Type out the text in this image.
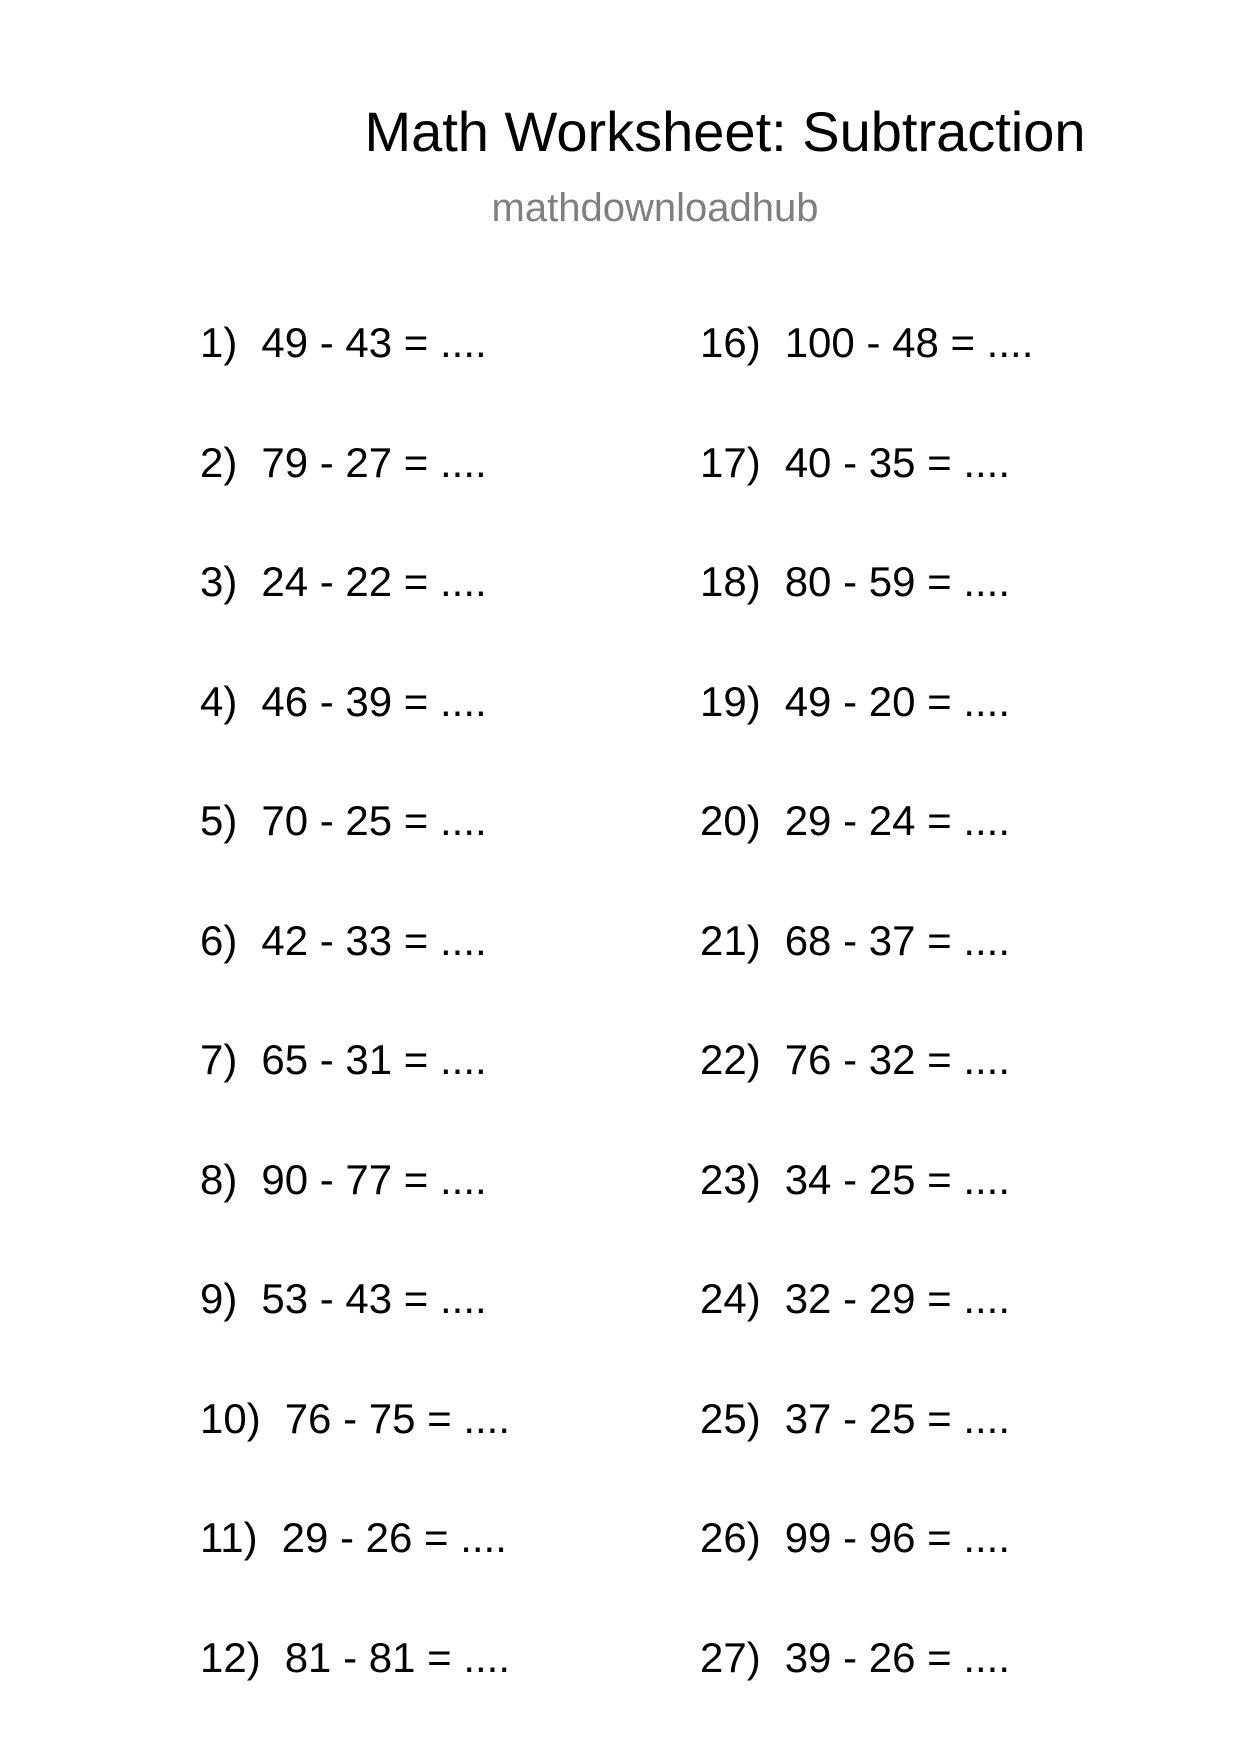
Math Worksheet: Subtraction
mathdownloadhub
1) 49 - 43 = ....
2) 79 - 27 = ....
3) 24 - 22 = ....
4) 46 - 39 = ....
5) 70 - 25 = ....
6) 42 - 33 = ....
7) 65 - 31 = ....
8) 90 - 77 = ....
9) 53 - 43 = ....
10) 76 - 75 = ....
11) 29 - 26 = ....
12) 81 - 81 = ....
16) 100 - 48 = ....
17) 40 - 35 = ....
18) 80 - 59 = ....
19) 49 - 20 = ....
20) 29 - 24 = ....
21) 68 - 37 = ....
22) 76 - 32 = ....
23) 34 - 25 = ....
24) 32 - 29 = ....
25) 37 - 25 = ....
26) 99 - 96 = ....
27) 39 - 26 = ....
